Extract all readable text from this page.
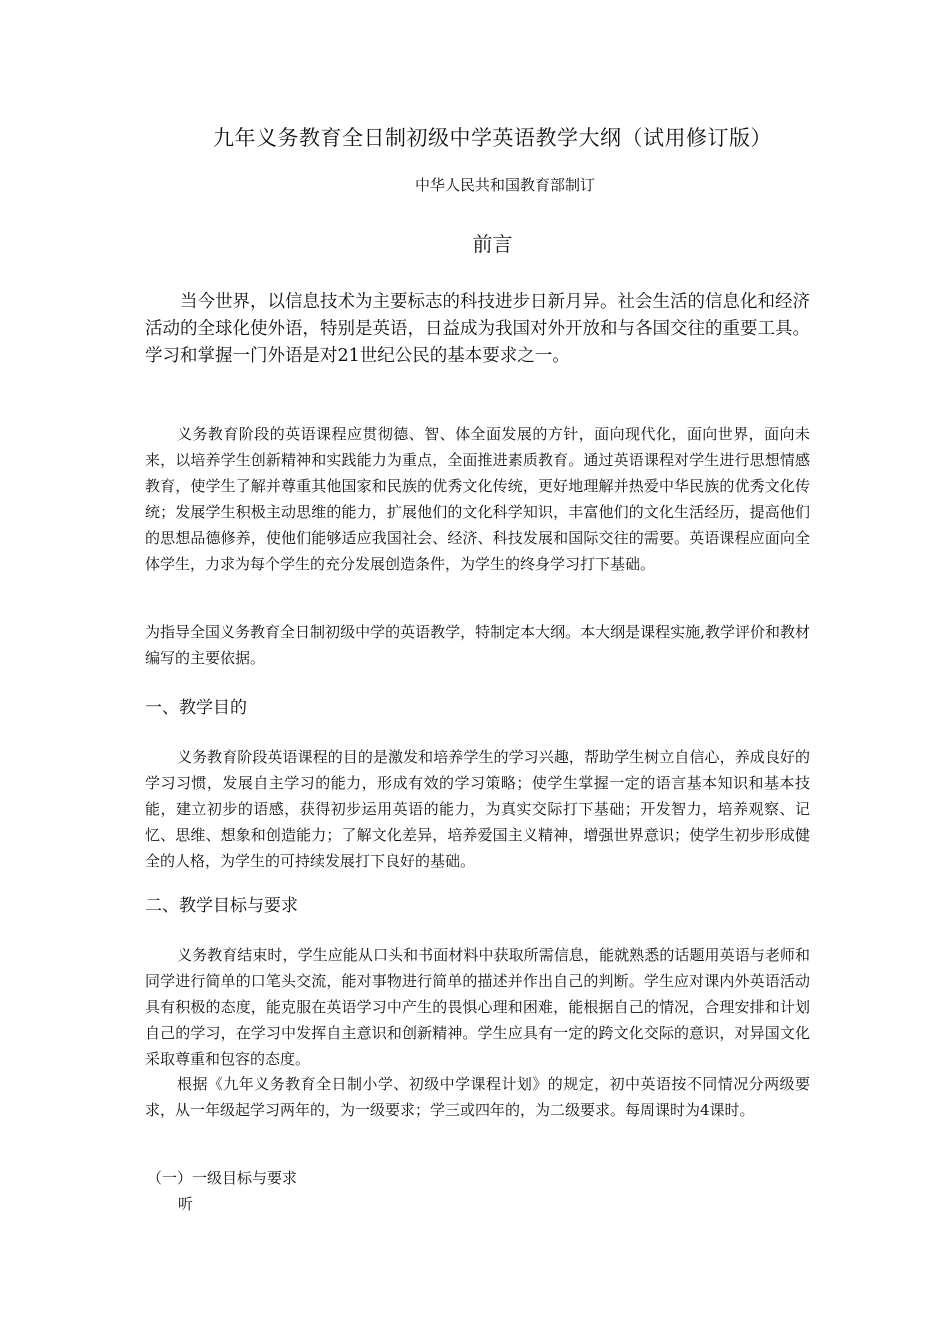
九年义务教育全日制初级中学英语教学大纲（试用修订版）
中华人民共和国教育部制订
前言

当今世界，以信息技术为主要标志的科技进步日新月异。社会生活的信息化和经济活动的全球化使外语，特别是英语，日益成为我国对外开放和与各国交往的重要工具。学习和掌握一门外语是对21世纪公民的基本要求之一。

义务教育阶段的英语课程应贯彻德、智、体全面发展的方针，面向现代化，面向世界，面向未来，以培养学生创新精神和实践能力为重点，全面推进素质教育。通过英语课程对学生进行思想情感教育，使学生了解并尊重其他国家和民族的优秀文化传统，更好地理解并热爱中华民族的优秀文化传统；发展学生积极主动思维的能力，扩展他们的文化科学知识，丰富他们的文化生活经历，提高他们的思想品德修养，使他们能够适应我国社会、经济、科技发展和国际交往的需要。英语课程应面向全体学生，力求为每个学生的充分发展创造条件，为学生的终身学习打下基础。

为指导全国义务教育全日制初级中学的英语教学，特制定本大纲。本大纲是课程实施,教学评价和教材编写的主要依据。

一、教学目的

义务教育阶段英语课程的目的是激发和培养学生的学习兴趣，帮助学生树立自信心，养成良好的学习习惯，发展自主学习的能力，形成有效的学习策略；使学生掌握一定的语言基本知识和基本技能，建立初步的语感，获得初步运用英语的能力，为真实交际打下基础；开发智力，培养观察、记忆、思维、想象和创造能力；了解文化差异，培养爱国主义精神，增强世界意识；使学生初步形成健全的人格，为学生的可持续发展打下良好的基础。

二、教学目标与要求

义务教育结束时，学生应能从口头和书面材料中获取所需信息，能就熟悉的话题用英语与老师和同学进行简单的口笔头交流，能对事物进行简单的描述并作出自己的判断。学生应对课内外英语活动具有积极的态度，能克服在英语学习中产生的畏惧心理和困难，能根据自己的情况，合理安排和计划自己的学习，在学习中发挥自主意识和创新精神。学生应具有一定的跨文化交际的意识，对异国文化采取尊重和包容的态度。

根据《九年义务教育全日制小学、初级中学课程计划》的规定，初中英语按不同情况分两级要求，从一年级起学习两年的，为一级要求；学三或四年的，为二级要求。每周课时为4课时。

（一）一级目标与要求
听
